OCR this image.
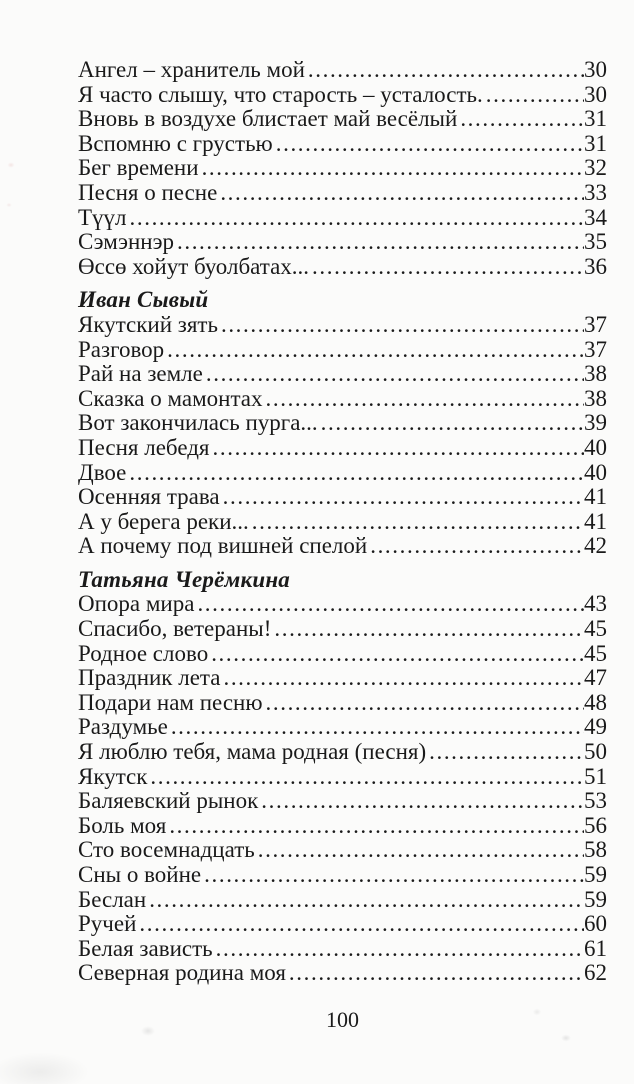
Ангел – хранитель мой .....	30
Я часто слышу, что старость – усталость. .....	30
Вновь в воздухе блистает май весёлый .....	31
Вспомню с грустью .....	31
Бег времени .....	32
Песня о песне .....	33
Түүл .....	34
Сэмэннэр .....	35
Өссө хойут буолбатах... .....	36
Иван Сывый
Якутский зять .....	37
Разговор .....	37
Рай на земле .....	38
Сказка о мамонтах .....	38
Вот закончилась пурга... .....	39
Песня лебедя .....	40
Двое .....	40
Осенняя трава .....	41
А у берега реки... .....	41
А почему под вишней спелой .....	42
Татьяна Черёмкина
Опора мира .....	43
Спасибо, ветераны! .....	45
Родное слово .....	45
Праздник лета .....	47
Подари нам песню .....	48
Раздумье .....	49
Я люблю тебя, мама родная (песня) .....	50
Якутск .....	51
Баляевский рынок .....	53
Боль моя .....	56
Сто восемнадцать .....	58
Сны о войне .....	59
Беслан .....	59
Ручей .....	60
Белая зависть .....	61
Северная родина моя .....	62
100
